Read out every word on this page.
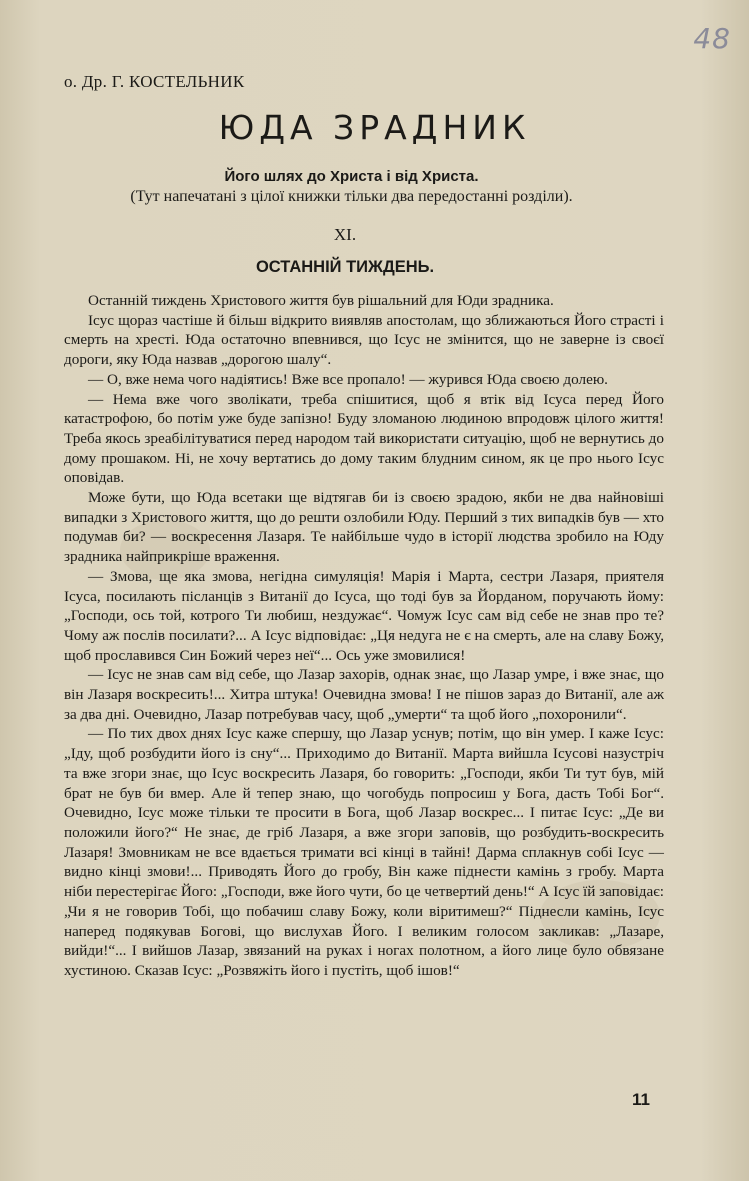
48
о. Др. Г. КОСТЕЛЬНИК
ЮДА ЗРАДНИК
Його шлях до Христа і від Христа.
(Тут напечатані з цілої книжки тільки два передостанні розділи).
XI.
ОСТАННІЙ ТИЖДЕНЬ.

Останній тиждень Христового життя був рішальний для Юди зрадника.

Ісус щораз частіше й більш відкрито виявляв апостолам, що зближаються Його страсті і смерть на хресті. Юда остаточно впевнився, що Ісус не змінится, що не заверне із своєї дороги, яку Юда назвав „дорогою шалу“.

— О, вже нема чого надіятись! Вже все пропало! — журився Юда своєю долею.

— Нема вже чого зволікати, треба спішитися, щоб я втік від Ісуса перед Його катастрофою, бо потім уже буде запізно! Буду зломаною людиною впродовж цілого життя! Треба якось зреабілітуватися перед народом тай використати ситуацію, щоб не вернутись до дому прошаком. Ні, не хочу вертатись до дому таким блудним сином, як це про нього Ісус оповідав.

Може бути, що Юда всетаки ще відтягав би із своєю зрадою, якби не два найновіші випадки з Христового життя, що до решти озлобили Юду. Перший з тих випадків був — хто подумав би? — воскресення Лазаря. Те найбільше чудо в історії людства зробило на Юду зрадника найприкріше враження.

— Змова, ще яка змова, негідна симуляція! Марія і Марта, сестри Лазаря, приятеля Ісуса, посилають післанців з Витанії до Ісуса, що тоді був за Йорданом, поручають йому: „Господи, ось той, котрого Ти любиш, нездужає“. Чомуж Ісус сам від себе не знав про те? Чому аж послів посилати?... А Ісус відповідає: „Ця недуга не є на смерть, але на славу Божу, щоб прославився Син Божий через неї“... Ось уже змовилися!

— Ісус не знав сам від себе, що Лазар захорів, однак знає, що Лазар умре, і вже знає, що він Лазаря воскресить!... Хитра штука! Очевидна змова! І не пішов зараз до Витанії, але аж за два дні. Очевидно, Лазар потребував часу, щоб „умерти“ та щоб його „похоронили“.

— По тих двох днях Ісус каже спершу, що Лазар уснув; потім, що він умер. І каже Ісус: „Іду, щоб розбудити його із сну“... Приходимо до Витанії. Марта вийшла Ісусові назустріч та вже згори знає, що Ісус воскресить Лазаря, бо говорить: „Господи, якби Ти тут був, мій брат не був би вмер. Але й тепер знаю, що чогобудь попросиш у Бога, дасть Тобі Бог“. Очевидно, Ісус може тільки те просити в Бога, щоб Лазар воскрес... І питає Ісус: „Де ви положили його?“ Не знає, де гріб Лазаря, а вже згори заповів, що розбудить-воскресить Лазаря! Змовникам не все вдається тримати всі кінці в тайні! Дарма сплакнув собі Ісус — видно кінці змови!... Приводять Його до гробу, Він каже піднести камінь з гробу. Марта ніби перестерігає Його: „Господи, вже його чути, бо це четвертий день!“ А Ісус їй заповідає: „Чи я не говорив Тобі, що побачиш славу Божу, коли віритимеш?“ Піднесли камінь, Ісус наперед подякував Богові, що вислухав Його. І великим голосом закликав: „Лазаре, вийди!“... І вийшов Лазар, звязаний на руках і ногах полотном, а його лице було обвязане хустиною. Сказав Ісус: „Розвяжіть його і пустіть, щоб ішов!“

11
